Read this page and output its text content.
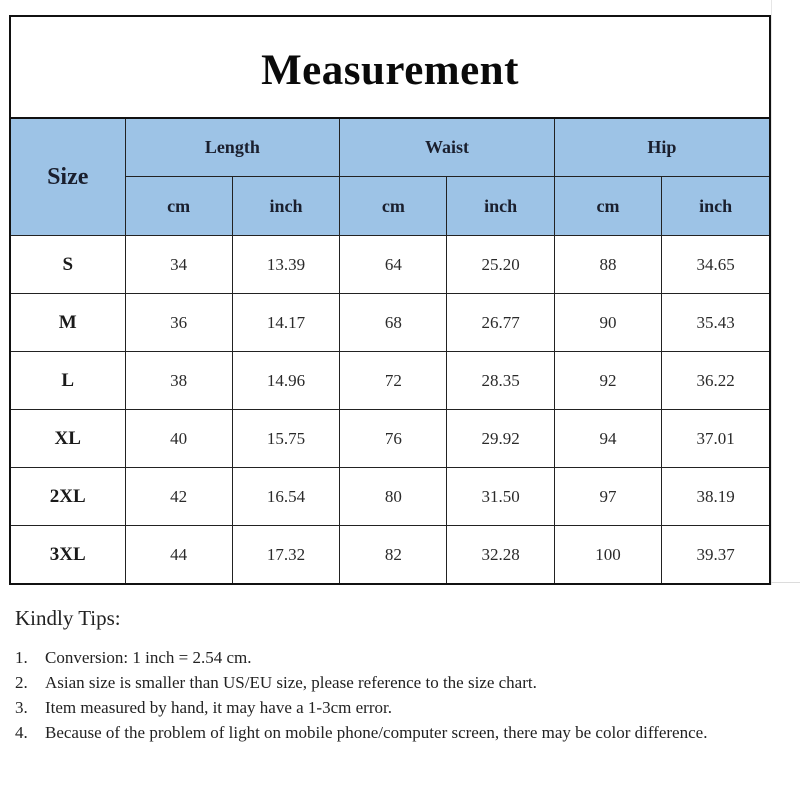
Measurement
Size	Length		Waist		Hip	
	cm	inch	cm	inch	cm	inch
S	34	13.39	64	25.20	88	34.65
M	36	14.17	68	26.77	90	35.43
L	38	14.96	72	28.35	92	36.22
XL	40	15.75	76	29.92	94	37.01
2XL	42	16.54	80	31.50	97	38.19
3XL	44	17.32	82	32.28	100	39.37
Kindly Tips:
1.	Conversion: 1 inch = 2.54 cm.
2.	Asian size is smaller than US/EU size, please reference to the size chart.
3.	Item measured by hand, it may have a 1-3cm error.
4.	Because of the problem of light on mobile phone/computer screen, there may be color difference.
